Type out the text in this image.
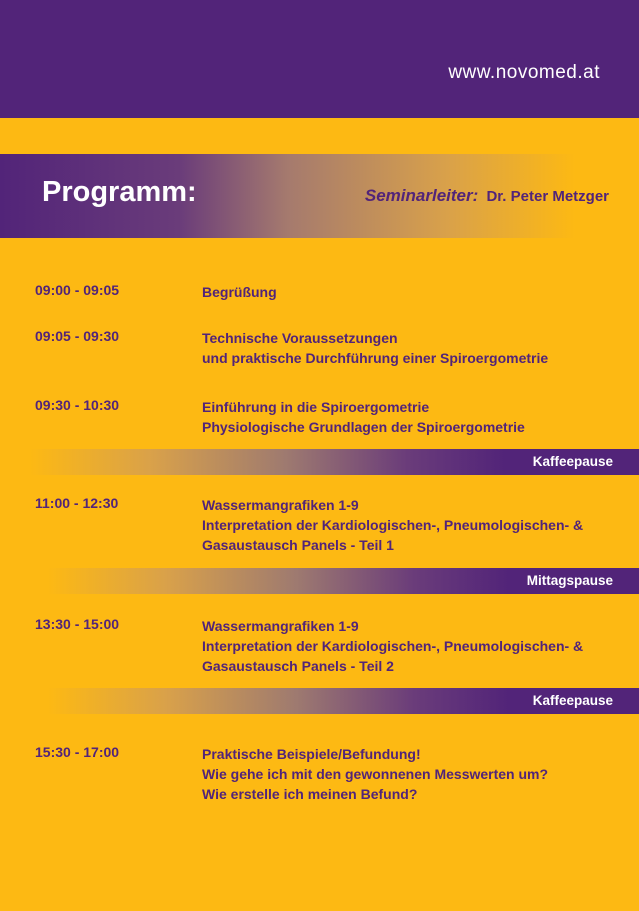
www.novomed.at
Programm:	Seminarleiter: Dr. Peter Metzger
09:00 - 09:05	Begrüßung
09:05 - 09:30	Technische Voraussetzungen
und praktische Durchführung einer Spiroergometrie
09:30 - 10:30	Einführung in die Spiroergometrie
Physiologische Grundlagen der Spiroergometrie
Kaffeepause
11:00 - 12:30	Wassermangrafiken 1-9
Interpretation der Kardiologischen-, Pneumologischen- &
Gasaustausch Panels - Teil 1
Mittagspause
13:30 - 15:00	Wassermangrafiken 1-9
Interpretation der Kardiologischen-, Pneumologischen- &
Gasaustausch Panels - Teil 2
Kaffeepause
15:30 - 17:00	Praktische Beispiele/Befundung!
Wie gehe ich mit den gewonnenen Messwerten um?
Wie erstelle ich meinen Befund?
